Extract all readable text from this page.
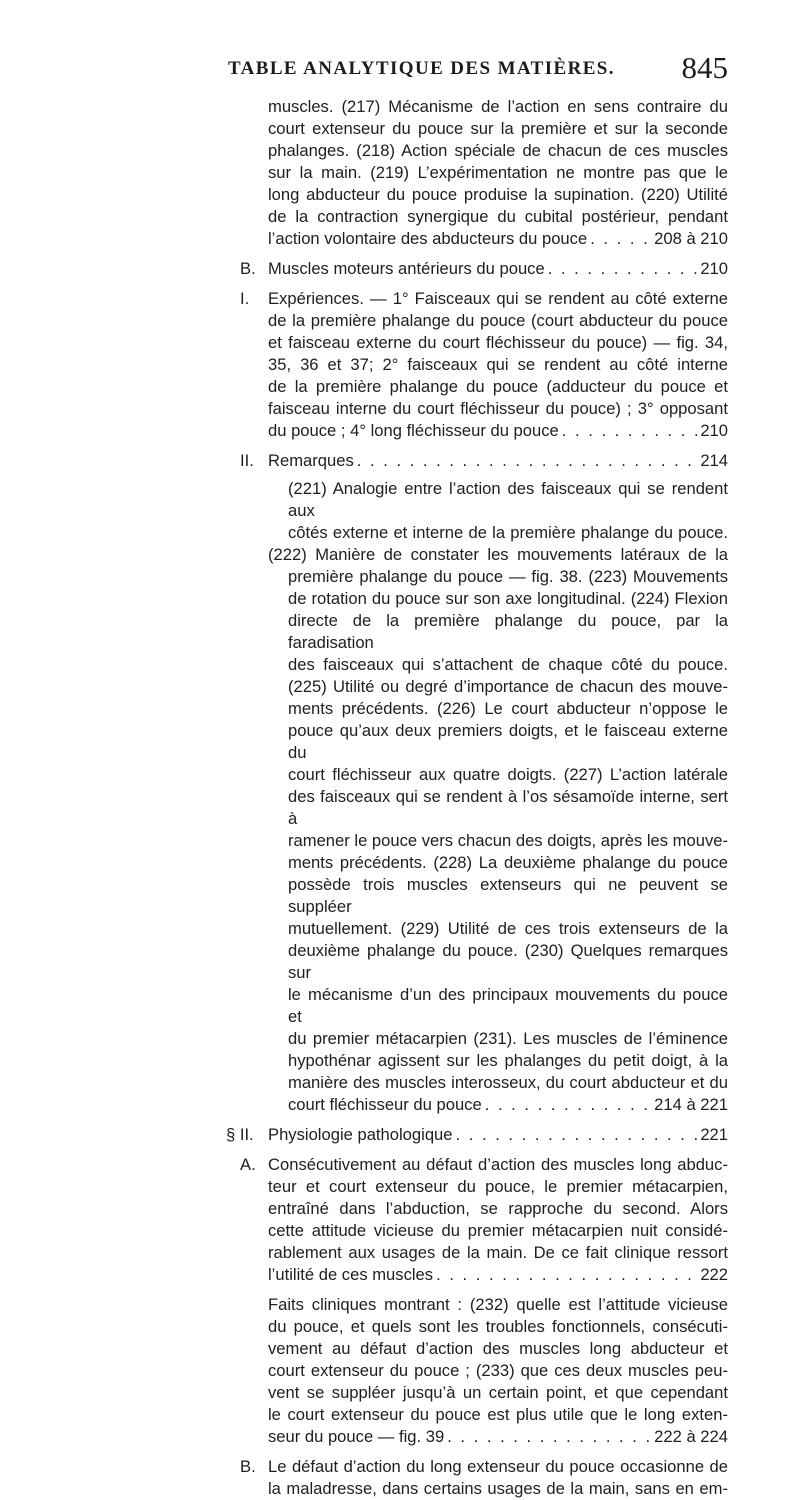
TABLE ANALYTIQUE DES MATIÈRES. 845

muscles. (217) Mécanisme de l’action en sens contraire du

court extenseur du pouce sur la première et sur la seconde

phalanges. (218) Action spéciale de chacun de ces muscles

sur la main. (219) L’expérimentation ne montre pas que le

long abducteur du pouce produise la supination. (220) Utilité

de la contraction synergique du cubital postérieur, pendant

l’action volontaire des abducteurs du pouce . . .	208 à 210
B. Muscles moteurs antérieurs du pouce . . .	210
I. Expériences. — 1° Faisceaux qui se rendent au côté externe

de la première phalange du pouce (court abducteur du pouce

et faisceau externe du court fléchisseur du pouce) — fig. 34,

35, 36 et 37; 2° faisceaux qui se rendent au côté interne

de la première phalange du pouce (adducteur du pouce et

faisceau interne du court fléchisseur du pouce) ; 3° opposant

du pouce ; 4° long fléchisseur du pouce . . .	210
II. Remarques . . .	214

(221) Analogie entre l’action des faisceaux qui se rendent aux

côtés externe et interne de la première phalange du pouce.

(222) Manière de constater les mouvements latéraux de la

première phalange du pouce — fig. 38. (223) Mouvements

de rotation du pouce sur son axe longitudinal. (224) Flexion

directe de la première phalange du pouce, par la faradisation

des faisceaux qui s’attachent de chaque côté du pouce.

(225) Utilité ou degré d’importance de chacun des mouve-

ments précédents. (226) Le court abducteur n’oppose le

pouce qu’aux deux premiers doigts, et le faisceau externe du

court fléchisseur aux quatre doigts. (227) L’action latérale

des faisceaux qui se rendent à l’os sésamoïde interne, sert à

ramener le pouce vers chacun des doigts, après les mouve-

ments précédents. (228) La deuxième phalange du pouce

possède trois muscles extenseurs qui ne peuvent se suppléer

mutuellement. (229) Utilité de ces trois extenseurs de la

deuxième phalange du pouce. (230) Quelques remarques sur

le mécanisme d’un des principaux mouvements du pouce et

du premier métacarpien (231). Les muscles de l’éminence

hypothénar agissent sur les phalanges du petit doigt, à la

manière des muscles interosseux, du court abducteur et du

court fléchisseur du pouce . . .	214 à 221
§ II. Physiologie pathologique . . .	221
A. Consécutivement au défaut d’action des muscles long abduc-

teur et court extenseur du pouce, le premier métacarpien,

entraîné dans l’abduction, se rapproche du second. Alors

cette attitude vicieuse du premier métacarpien nuit considé-

rablement aux usages de la main. De ce fait clinique ressort

l’utilité de ces muscles . . .	222

Faits cliniques montrant : (232) quelle est l’attitude vicieuse

du pouce, et quels sont les troubles fonctionnels, consécuti-

vement au défaut d’action des muscles long abducteur et

court extenseur du pouce ; (233) que ces deux muscles peu-

vent se suppléer jusqu’à un certain point, et que cependant

le court extenseur du pouce est plus utile que le long exten-

seur du pouce — fig. 39 . . .	222 à 224
B. Le défaut d’action du long extenseur du pouce occasionne de

la maladresse, dans certains usages de la main, sans en em-
